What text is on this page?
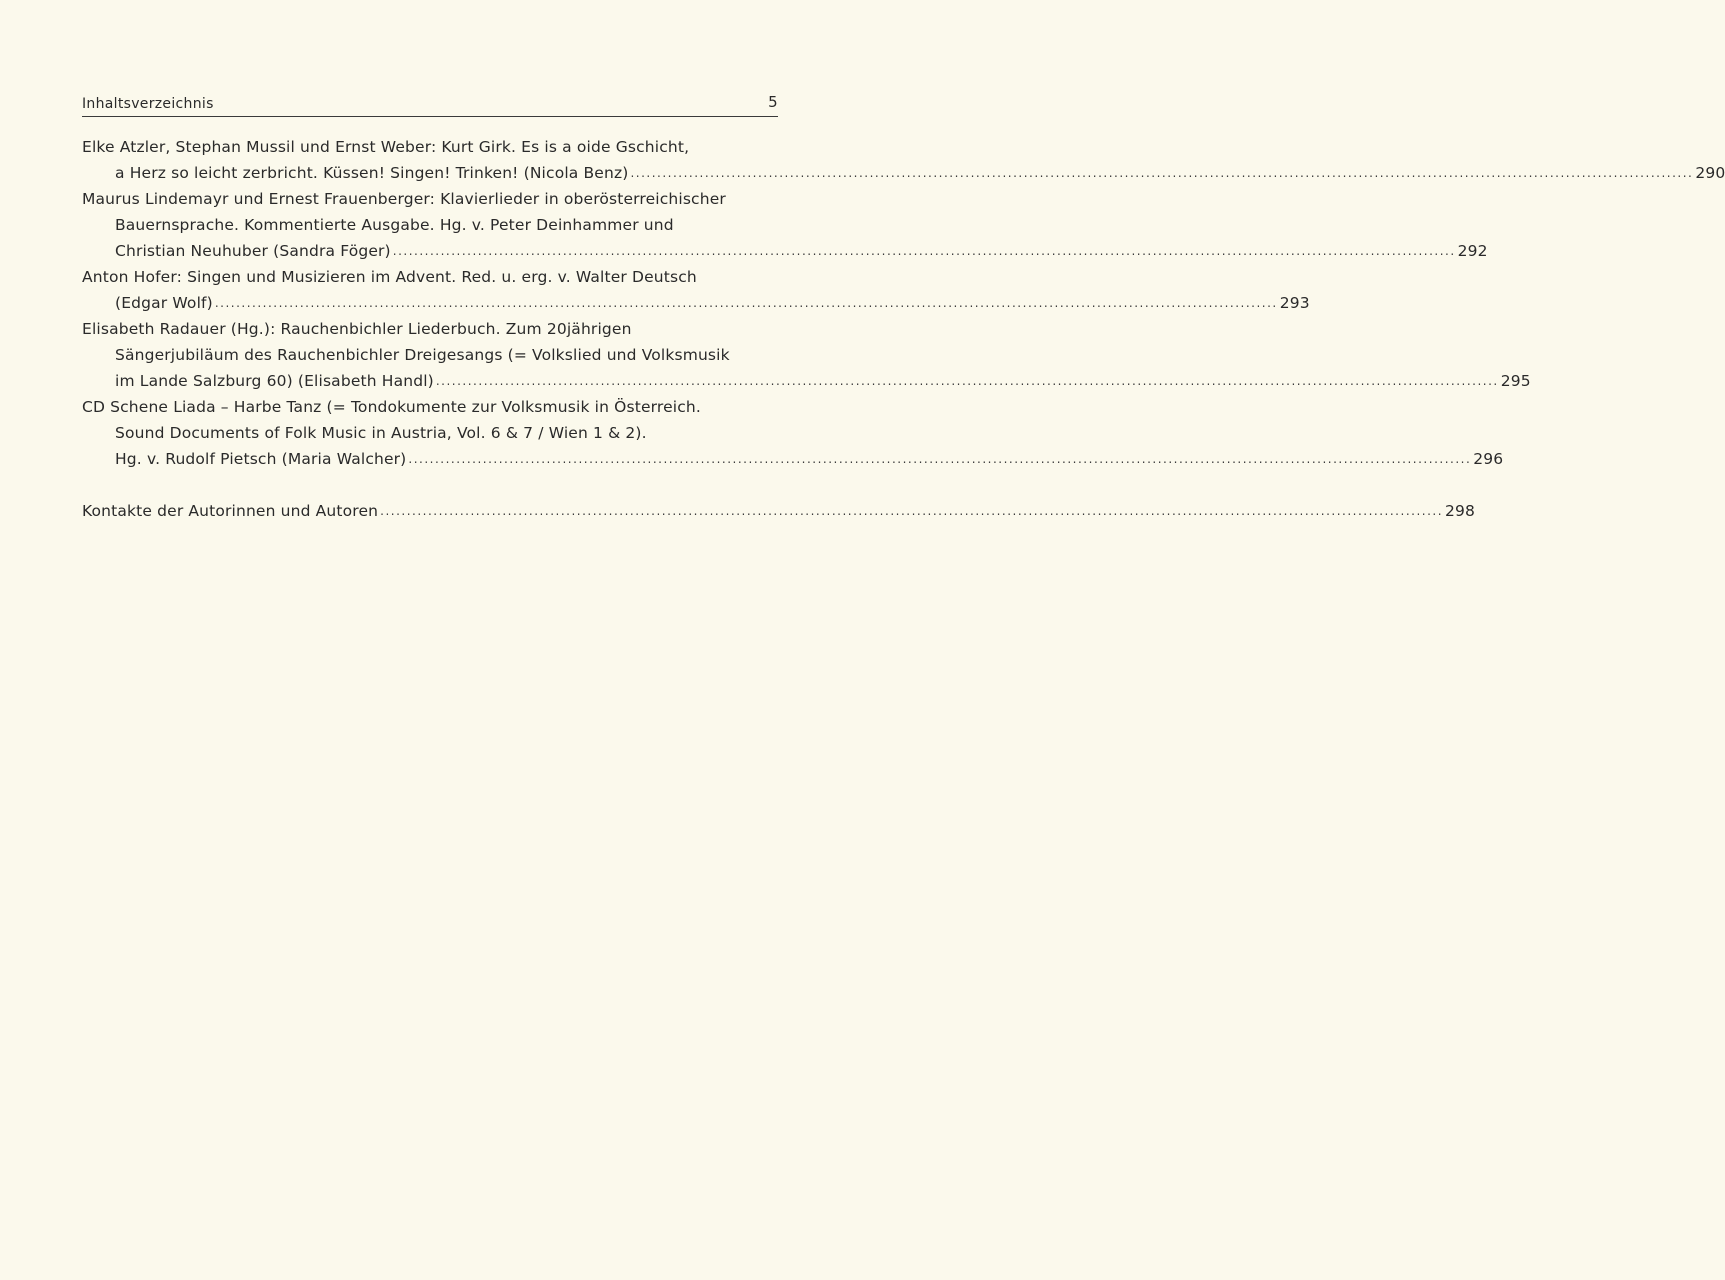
Inhaltsverzeichnis	5
Elke Atzler, Stephan Mussil und Ernst Weber: Kurt Girk. Es is a oide Gschicht,
a Herz so leicht zerbricht. Küssen! Singen! Trinken! (Nicola Benz) ........................................................................................................................................................................................................ 290
Maurus Lindemayr und Ernest Frauenberger: Klavierlieder in oberösterreichischer
Bauernsprache. Kommentierte Ausgabe. Hg. v. Peter Deinhammer und
Christian Neuhuber (Sandra Föger) ........................................................................................................................................................................................................ 292
Anton Hofer: Singen und Musizieren im Advent. Red. u. erg. v. Walter Deutsch
(Edgar Wolf) ........................................................................................................................................................................................................ 293
Elisabeth Radauer (Hg.): Rauchenbichler Liederbuch. Zum 20jährigen
Sängerjubiläum des Rauchenbichler Dreigesangs (= Volkslied und Volksmusik
im Lande Salzburg 60) (Elisabeth Handl) ........................................................................................................................................................................................................ 295
CD Schene Liada – Harbe Tanz (= Tondokumente zur Volksmusik in Österreich.
Sound Documents of Folk Music in Austria, Vol. 6 & 7 / Wien 1 & 2).
Hg. v. Rudolf Pietsch (Maria Walcher) ........................................................................................................................................................................................................ 296
Kontakte der Autorinnen und Autoren ........................................................................................................................................................................................................ 298
